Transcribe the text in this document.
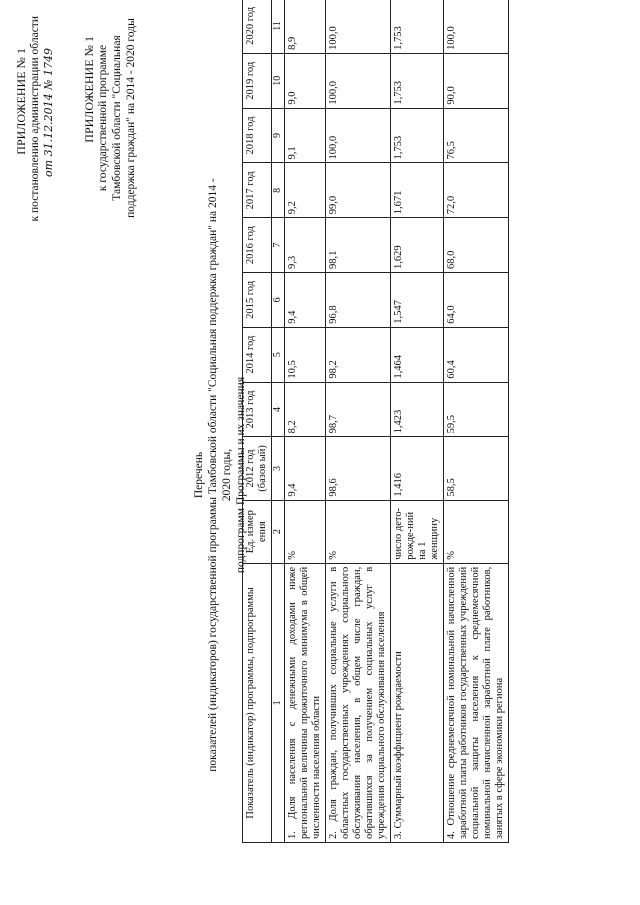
ПРИЛОЖЕНИЕ № 1 к постановлению администрации области от 31.12.2014 № 1749 ПРИЛОЖЕНИЕ № 1 к государственной программе Тамбовской области "Социальная поддержка граждан" на 2014 - 2020 годы
Перечень показателей (индикаторов) государственной программы Тамбовской области "Социальная поддержка граждан" на 2014 - 2020 годы, подпрограмм Программы и их значения
Показатель (индикатор) программы, подпрограммы	Ед. измер ения	2012 год (базов ый)	2013 год	2014 год	2015 год	2016 год	2017 год	2018 год	2019 год	2020 год
1	2	3	4	5	6	7	8	9	10	11
1. Доля населения с денежными доходами ниже региональной величины прожиточного минимума в общей численности населения области	%	9,4	8,2	10,5	9,4	9,3	9,2	9,1	9,0	8,9
2. Доля граждан, получивших социальные услуги в областных государственных учреждениях социального обслуживания населения, в общем числе граждан, обратившихся за получением социальных услуг в учреждения социального обслуживания населения	%	98,6	98,7	98,2	96,8	98,1	99,0	100,0	100,0	100,0
3. Суммарный коэффициент рождаемости	число дето-рожде-ний на 1 женщину	1,416	1,423	1,464	1,547	1,629	1,671	1,753	1,753	1,753
4. Отношение среднемесячной номинальной начисленной заработной платы работников государственных учреждений социальной защиты населения к среднемесячной номинальной начисленной заработной плате работников, занятых в сфере экономики региона	%	58,5	59,5	60,4	64,0	68,0	72,0	76,5	90,0	100,0
